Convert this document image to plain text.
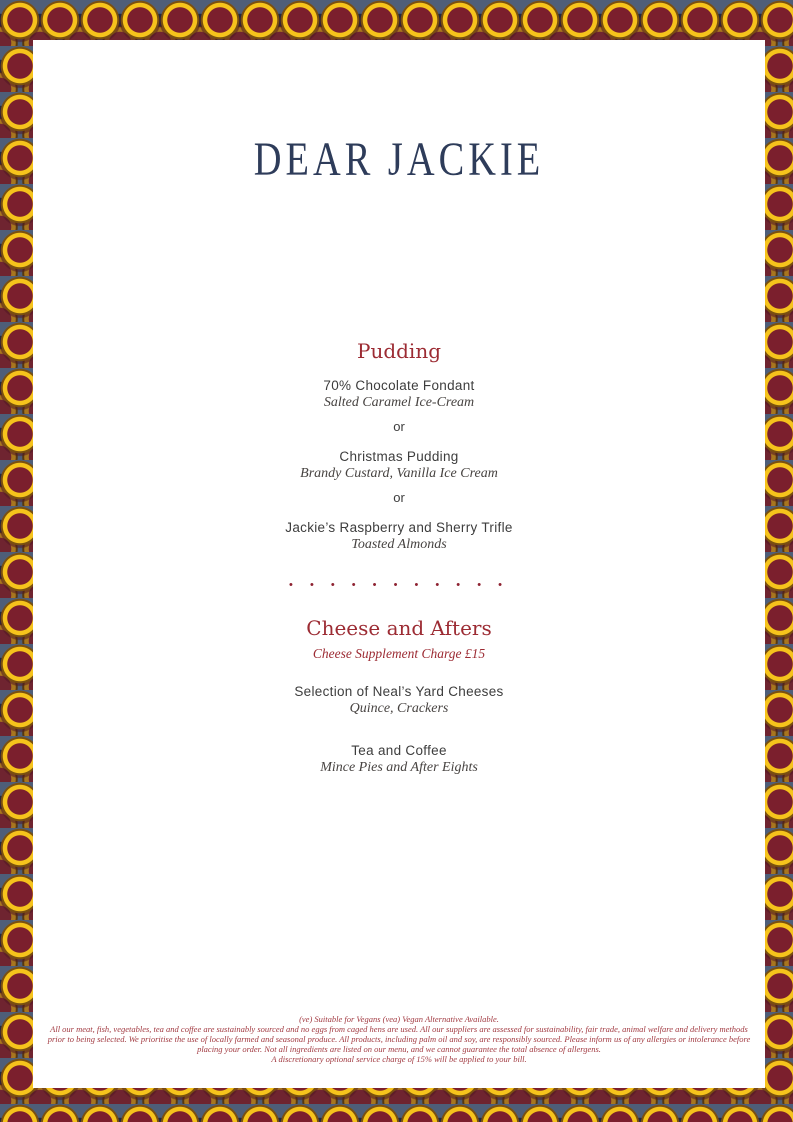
DEAR JACKIE
Pudding
70% Chocolate Fondant
Salted Caramel Ice-Cream
or
Christmas Pudding
Brandy Custard, Vanilla Ice Cream
or
Jackie’s Raspberry and Sherry Trifle
Toasted Almonds
• • • • • • • • • • •
Cheese and Afters
Cheese Supplement Charge £15
Selection of Neal’s Yard Cheeses
Quince, Crackers
Tea and Coffee
Mince Pies and After Eights
(ve) Suitable for Vegans (vea) Vegan Alternative Available.
All our meat, fish, vegetables, tea and coffee are sustainably sourced and no eggs from caged hens are used. All our suppliers are assessed for sustainability, fair trade, animal welfare and delivery methods prior to being selected. We prioritise the use of locally farmed and seasonal produce. All products, including palm oil and soy, are responsibly sourced. Please inform us of any allergies or intolerance before placing your order. Not all ingredients are listed on our menu, and we cannot guarantee the total absence of allergens.
A discretionary optional service charge of 15% will be applied to your bill.
